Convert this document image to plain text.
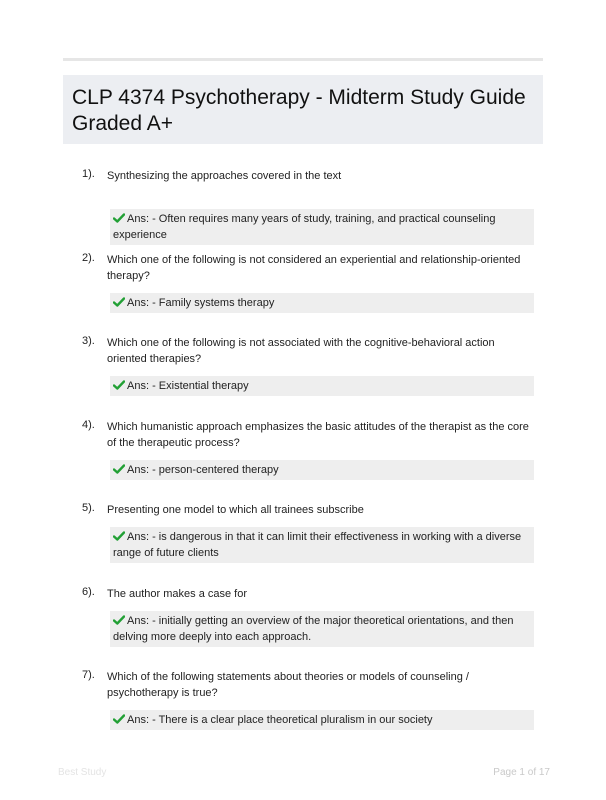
CLP 4374 Psychotherapy - Midterm Study Guide Graded A+
1). Synthesizing the approaches covered in the text
Ans: - Often requires many years of study, training, and practical counseling experience
2). Which one of the following is not considered an experiential and relationship-oriented therapy?
Ans: - Family systems therapy
3). Which one of the following is not associated with the cognitive-behavioral action oriented therapies?
Ans: - Existential therapy
4). Which humanistic approach emphasizes the basic attitudes of the therapist as the core of the therapeutic process?
Ans: - person-centered therapy
5). Presenting one model to which all trainees subscribe
Ans: - is dangerous in that it can limit their effectiveness in working with a diverse range of future clients
6). The author makes a case for
Ans: - initially getting an overview of the major theoretical orientations, and then delving more deeply into each approach.
7). Which of the following statements about theories or models of counseling / psychotherapy is true?
Ans: - There is a clear place theoretical pluralism in our society
Best Study	Page 1 of 17
